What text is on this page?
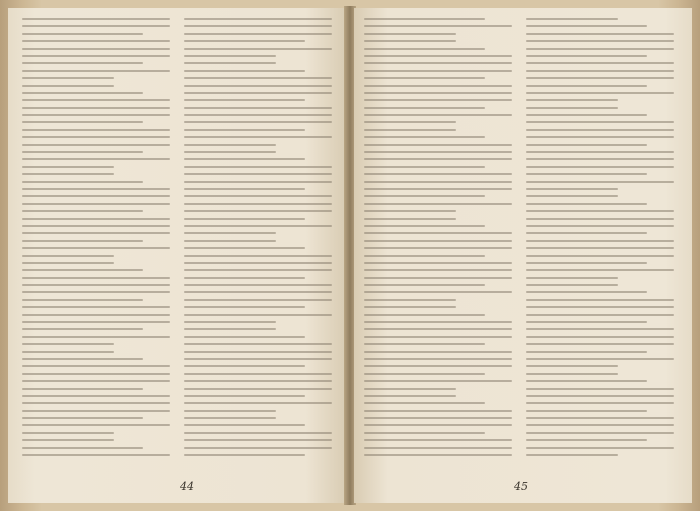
44	45
